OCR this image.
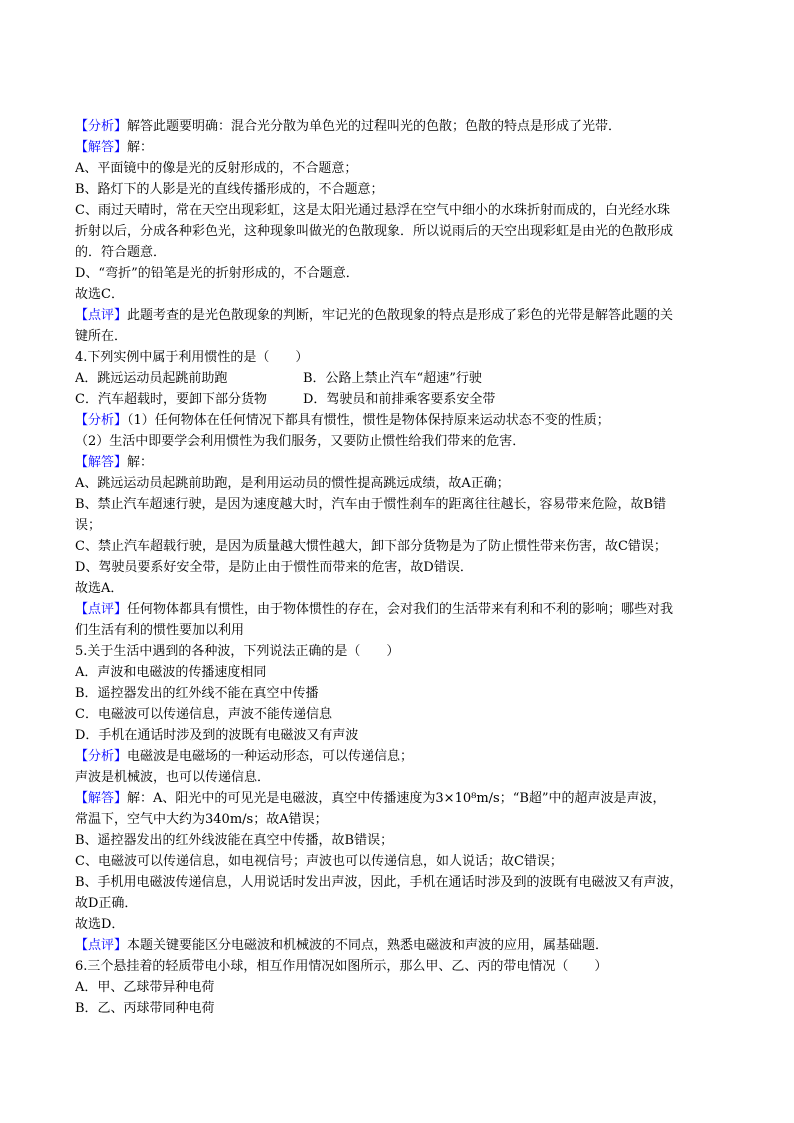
【分析】解答此题要明确：混合光分散为单色光的过程叫光的色散；色散的特点是形成了光带．
【解答】解：
A、平面镜中的像是光的反射形成的，不合题意；
B、路灯下的人影是光的直线传播形成的，不合题意；
C、雨过天晴时，常在天空出现彩虹，这是太阳光通过悬浮在空气中细小的水珠折射而成的，白光经水珠
折射以后，分成各种彩色光，这种现象叫做光的色散现象．所以说雨后的天空出现彩虹是由光的色散形成
的．符合题意．
D、“弯折”的铅笔是光的折射形成的，不合题意．
故选C．
【点评】此题考查的是光色散现象的判断，牢记光的色散现象的特点是形成了彩色的光带是解答此题的关
键所在．
4.下列实例中属于利用惯性的是（　　）
A．跳远运动员起跳前助跑	B．公路上禁止汽车“超速”行驶
C．汽车超载时，要卸下部分货物	D．驾驶员和前排乘客要系安全带
【分析】（1）任何物体在任何情况下都具有惯性，惯性是物体保持原来运动状态不变的性质；
（2）生活中即要学会利用惯性为我们服务，又要防止惯性给我们带来的危害．
【解答】解：
A、跳远运动员起跳前助跑，是利用运动员的惯性提高跳远成绩，故A正确；
B、禁止汽车超速行驶，是因为速度越大时，汽车由于惯性刹车的距离往往越长，容易带来危险，故B错
误；
C、禁止汽车超载行驶，是因为质量越大惯性越大，卸下部分货物是为了防止惯性带来伤害，故C错误；
D、驾驶员要系好安全带，是防止由于惯性而带来的危害，故D错误．
故选A．
【点评】任何物体都具有惯性，由于物体惯性的存在，会对我们的生活带来有利和不利的影响；哪些对我
们生活有利的惯性要加以利用
5.关于生活中遇到的各种波，下列说法正确的是（　　）
A．声波和电磁波的传播速度相同
B．遥控器发出的红外线不能在真空中传播
C．电磁波可以传递信息，声波不能传递信息
D．手机在通话时涉及到的波既有电磁波又有声波
【分析】电磁波是电磁场的一种运动形态，可以传递信息；
声波是机械波，也可以传递信息．
【解答】解：A、阳光中的可见光是电磁波，真空中传播速度为3×10⁸m/s；“B超”中的超声波是声波，
常温下，空气中大约为340m/s；故A错误；
B、遥控器发出的红外线波能在真空中传播，故B错误；
C、电磁波可以传递信息，如电视信号；声波也可以传递信息，如人说话；故C错误；
B、手机用电磁波传递信息，人用说话时发出声波，因此，手机在通话时涉及到的波既有电磁波又有声波，
故D正确．
故选D．
【点评】本题关键要能区分电磁波和机械波的不同点，熟悉电磁波和声波的应用，属基础题．
6.三个悬挂着的轻质带电小球，相互作用情况如图所示，那么甲、乙、丙的带电情况（　　）
A．甲、乙球带异种电荷
B．乙、丙球带同种电荷
